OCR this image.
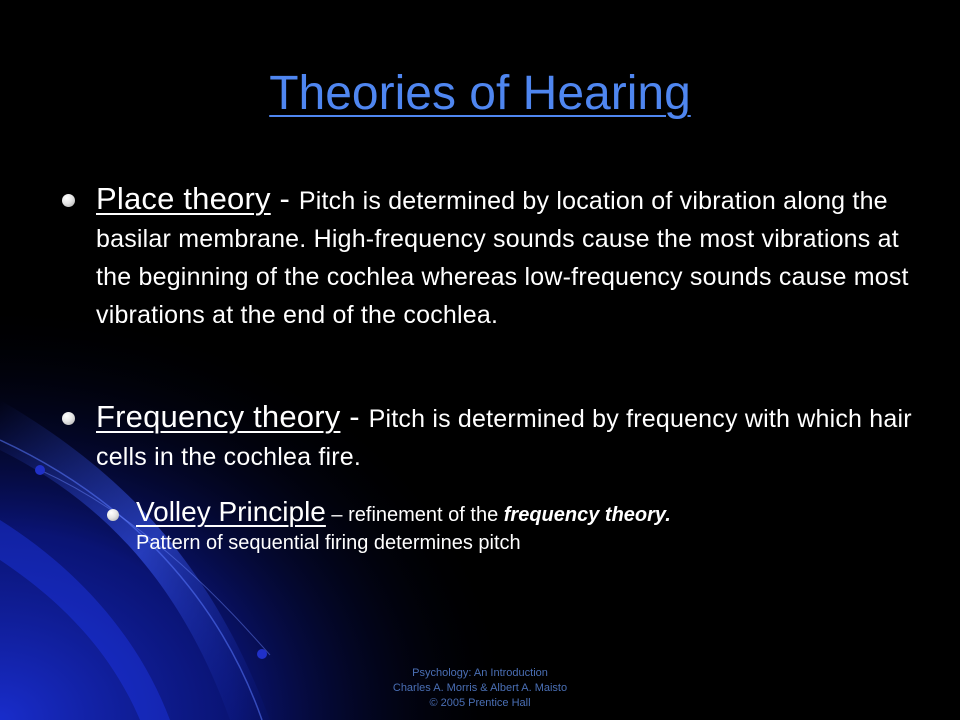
Theories of Hearing
Place theory - Pitch is determined by location of vibration along the basilar membrane. High-frequency sounds cause the most vibrations at the beginning of the cochlea whereas low-frequency sounds cause most vibrations at the end of the cochlea.
Frequency theory - Pitch is determined by frequency with which hair cells in the cochlea fire.
Volley Principle – refinement of the frequency theory.
Pattern of sequential firing determines pitch
Psychology: An Introduction
Charles A. Morris & Albert A. Maisto
© 2005 Prentice Hall
